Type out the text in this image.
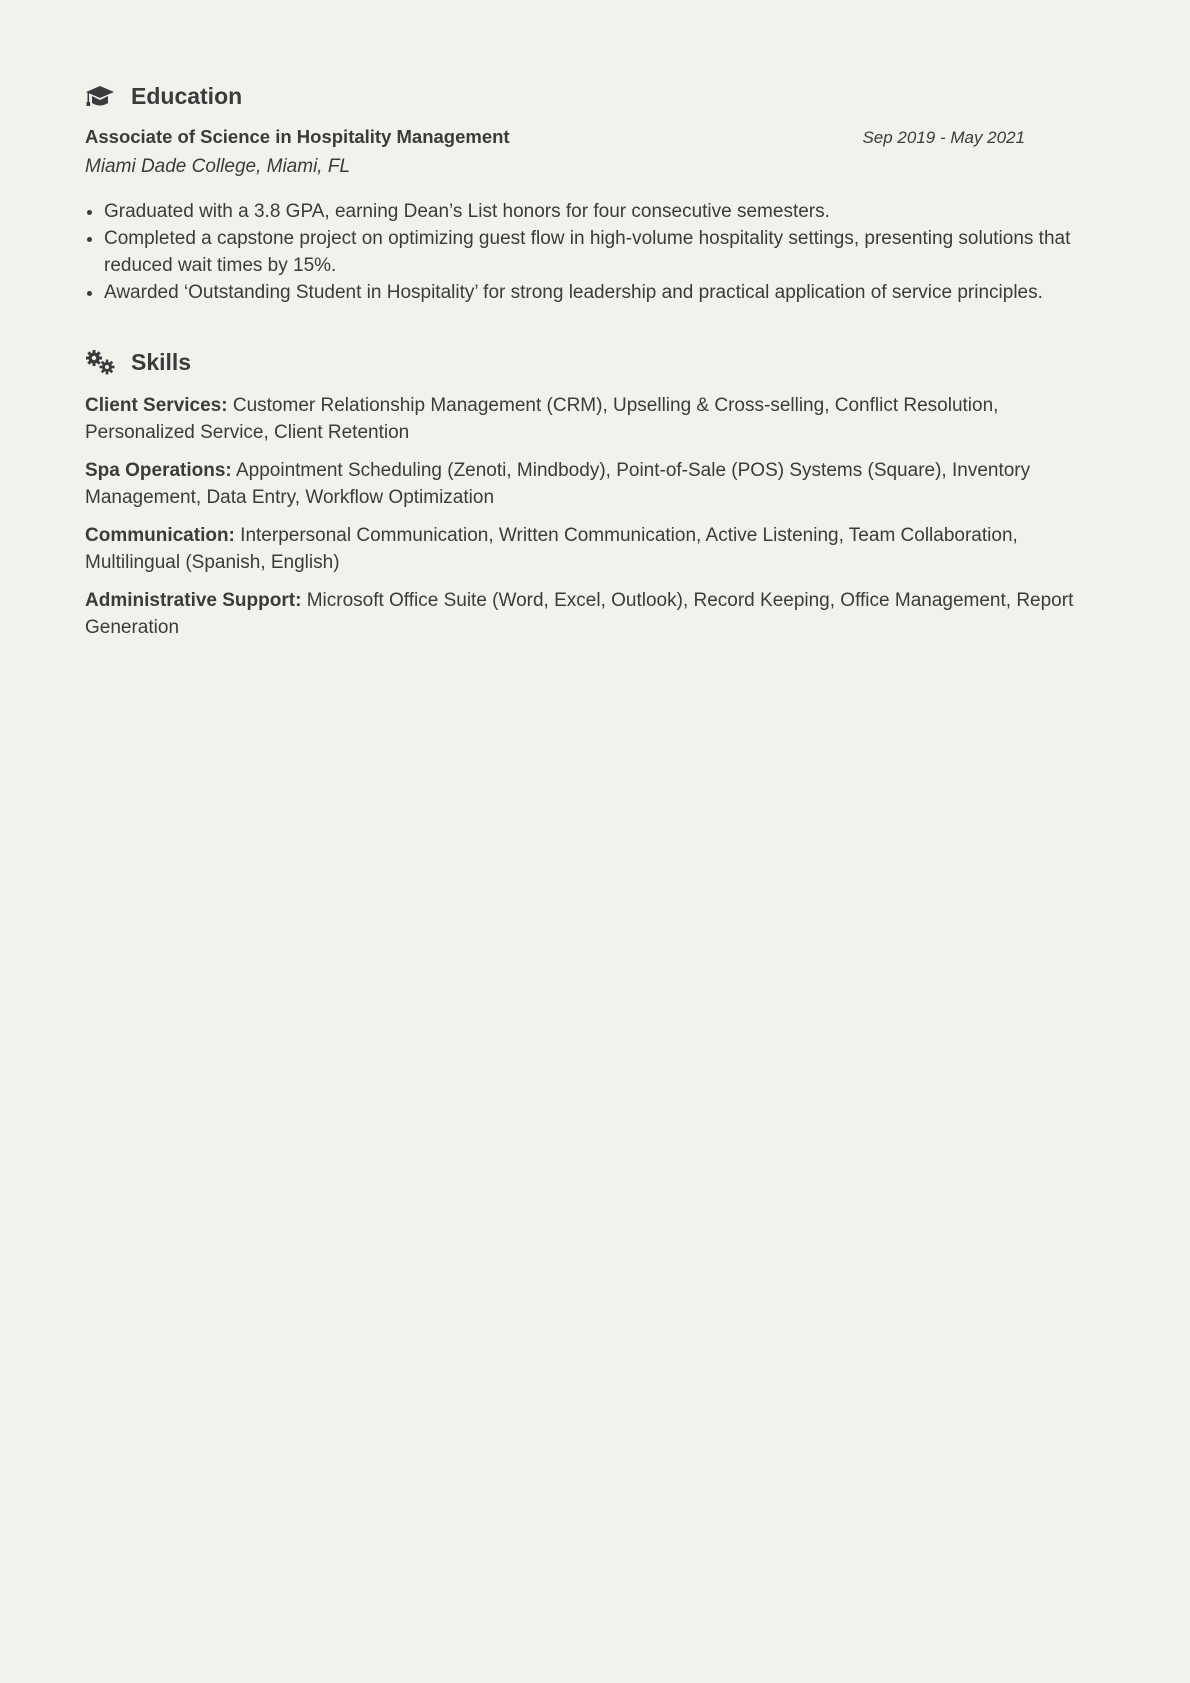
Education
Associate of Science in Hospitality Management	Sep 2019 - May 2021
Miami Dade College, Miami, FL
• Graduated with a 3.8 GPA, earning Dean’s List honors for four consecutive semesters.
• Completed a capstone project on optimizing guest flow in high-volume hospitality settings, presenting solutions that reduced wait times by 15%.
• Awarded ‘Outstanding Student in Hospitality’ for strong leadership and practical application of service principles.
Skills
Client Services: Customer Relationship Management (CRM), Upselling & Cross-selling, Conflict Resolution, Personalized Service, Client Retention
Spa Operations: Appointment Scheduling (Zenoti, Mindbody), Point-of-Sale (POS) Systems (Square), Inventory Management, Data Entry, Workflow Optimization
Communication: Interpersonal Communication, Written Communication, Active Listening, Team Collaboration, Multilingual (Spanish, English)
Administrative Support: Microsoft Office Suite (Word, Excel, Outlook), Record Keeping, Office Management, Report Generation
